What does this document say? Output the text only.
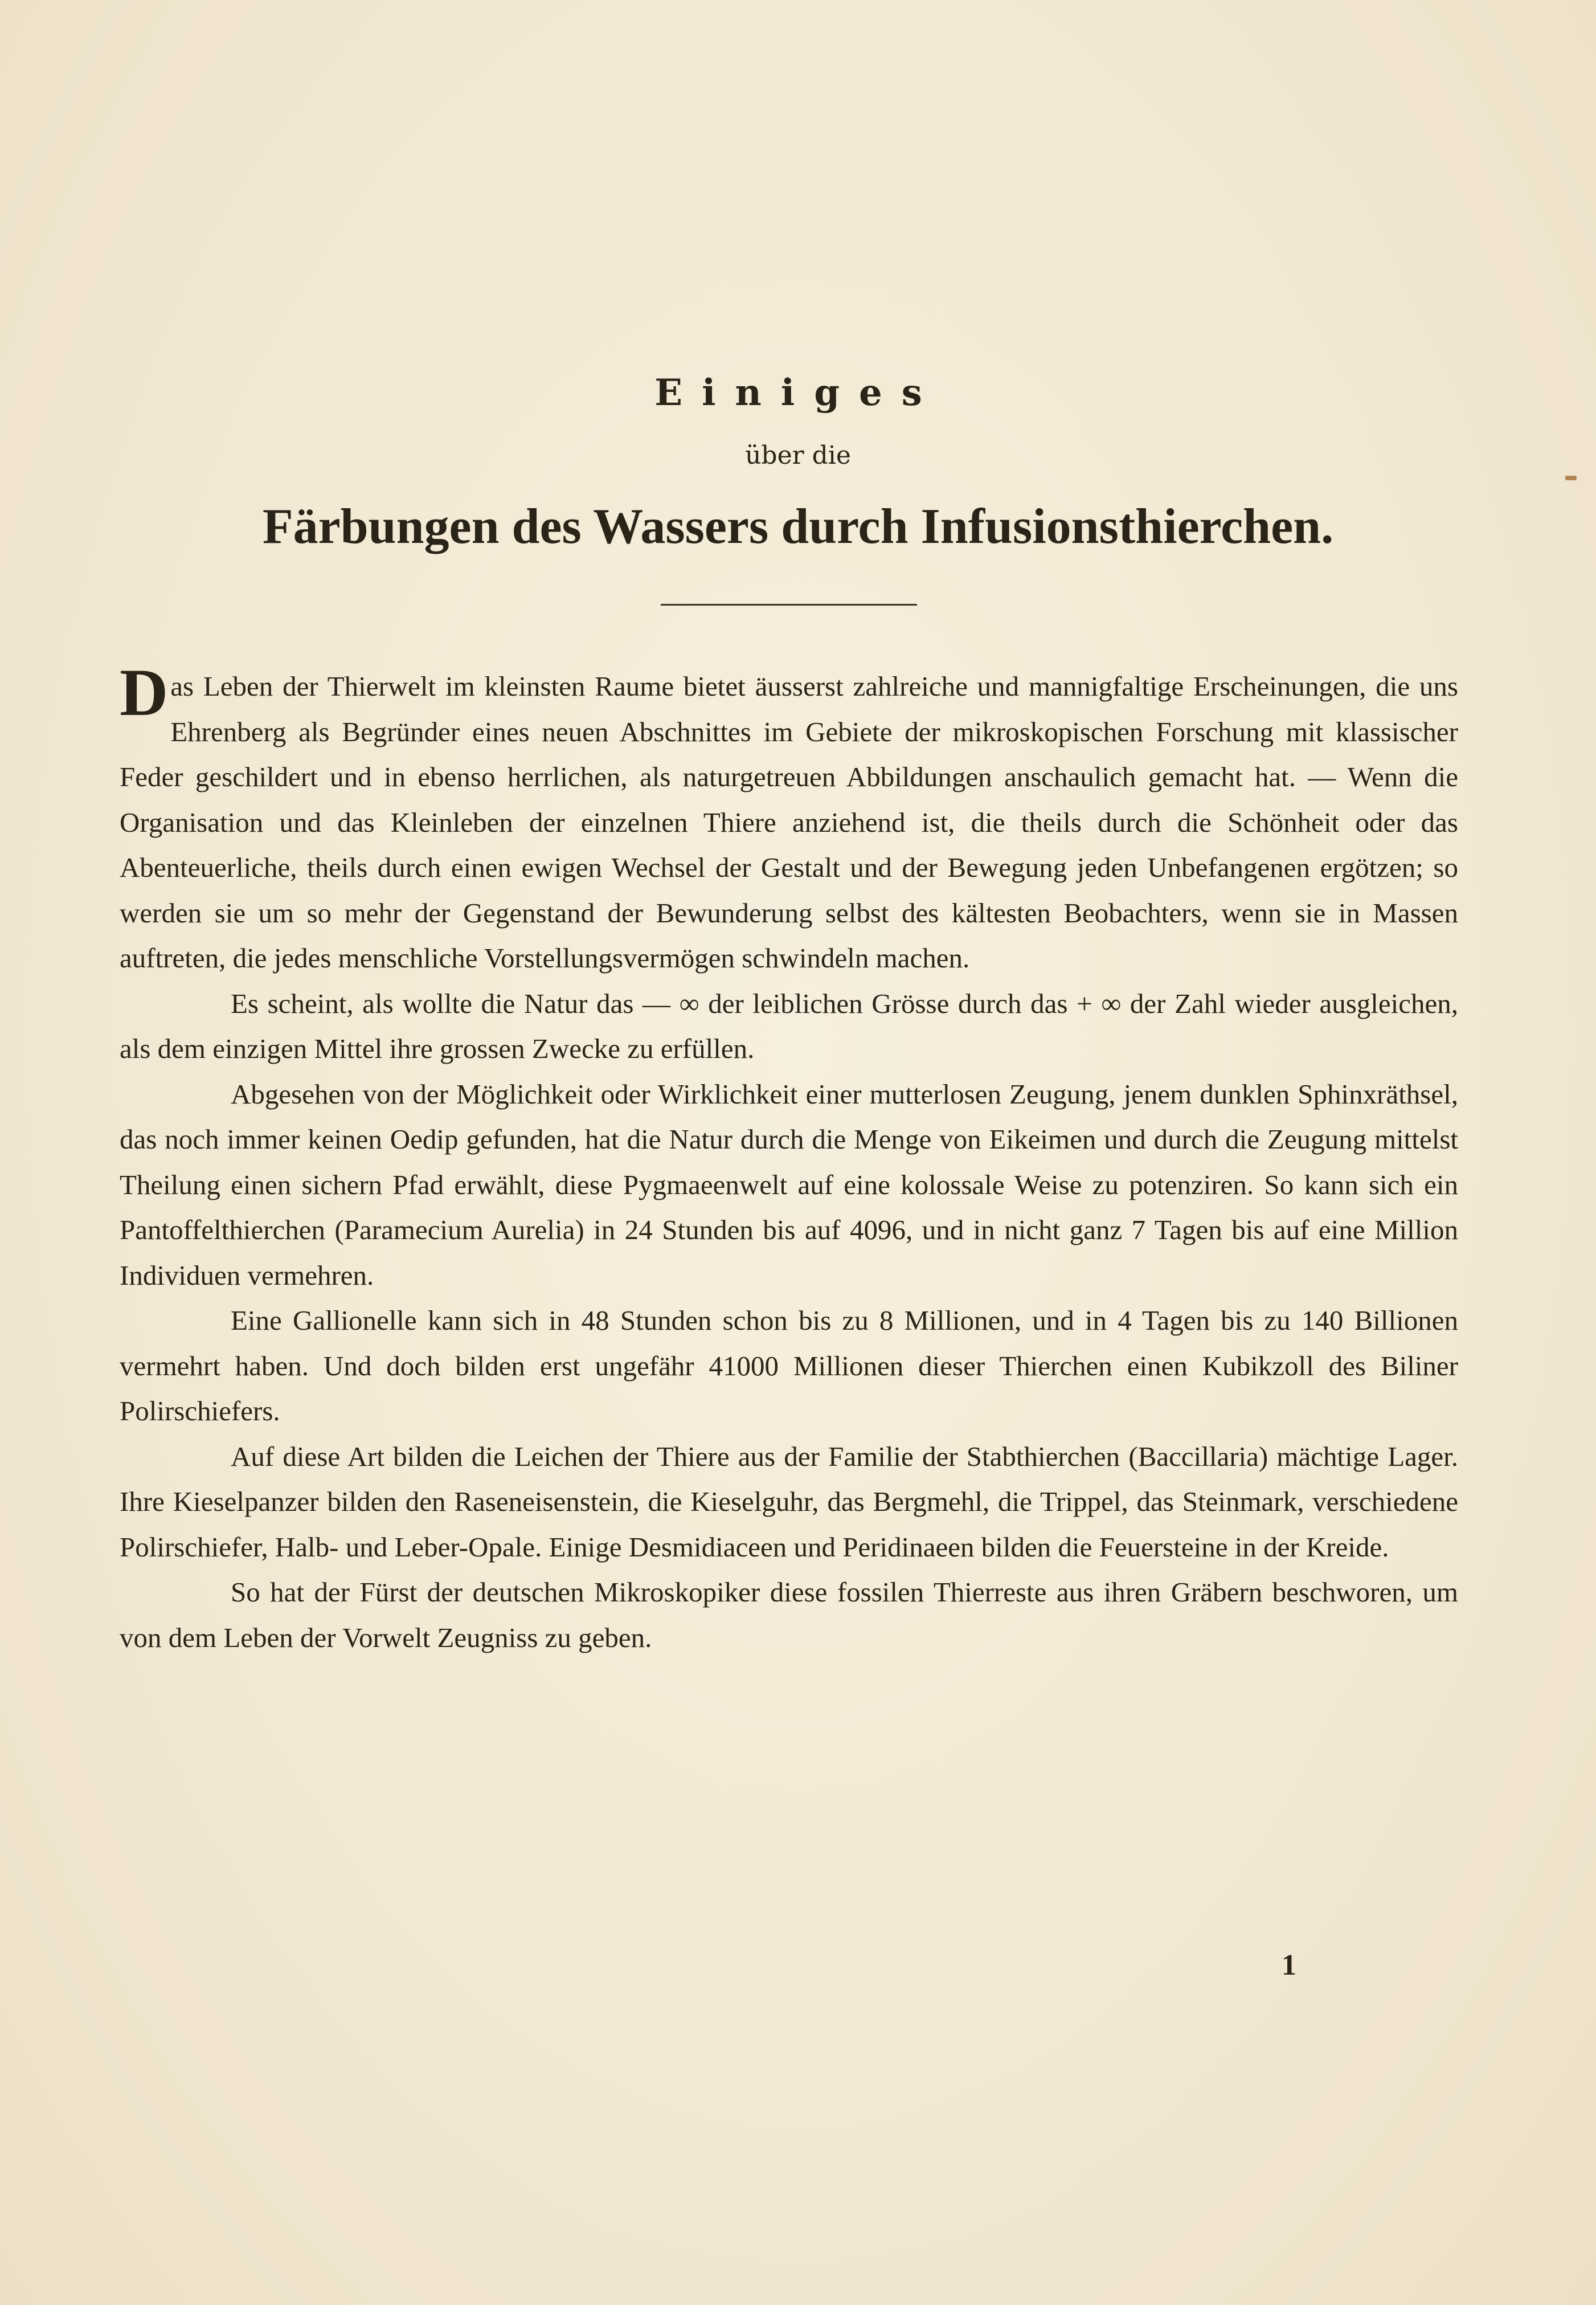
Einiges
über die
Färbungen des Wassers durch Infusionsthierchen.

Das Leben der Thierwelt im kleinsten Raume bietet äusserst zahlreiche und mannigfaltige Erscheinungen, die uns Ehrenberg als Begründer eines neuen Abschnittes im Gebiete der mikroskopischen Forschung mit klassischer Feder geschildert und in ebenso herrlichen, als naturgetreuen Abbildungen anschaulich gemacht hat. — Wenn die Organisation und das Kleinleben der einzelnen Thiere anziehend ist, die theils durch die Schönheit oder das Abenteuerliche, theils durch einen ewigen Wechsel der Gestalt und der Bewegung jeden Unbefangenen ergötzen; so werden sie um so mehr der Gegenstand der Bewunderung selbst des kältesten Beobachters, wenn sie in Massen auftreten, die jedes menschliche Vorstellungsvermögen schwindeln machen.

Es scheint, als wollte die Natur das — ∞ der leiblichen Grösse durch das + ∞ der Zahl wieder ausgleichen, als dem einzigen Mittel ihre grossen Zwecke zu erfüllen.

Abgesehen von der Möglichkeit oder Wirklichkeit einer mutterlosen Zeugung, jenem dunklen Sphinxräthsel, das noch immer keinen Oedip gefunden, hat die Natur durch die Menge von Eikeimen und durch die Zeugung mittelst Theilung einen sichern Pfad erwählt, diese Pygmaeenwelt auf eine kolossale Weise zu potenziren. So kann sich ein Pantoffelthierchen (Paramecium Aurelia) in 24 Stunden bis auf 4096, und in nicht ganz 7 Tagen bis auf eine Million Individuen vermehren.

Eine Gallionelle kann sich in 48 Stunden schon bis zu 8 Millionen, und in 4 Tagen bis zu 140 Billionen vermehrt haben. Und doch bilden erst ungefähr 41000 Millionen dieser Thierchen einen Kubikzoll des Biliner Polirschiefers.

Auf diese Art bilden die Leichen der Thiere aus der Familie der Stabthierchen (Baccillaria) mächtige Lager. Ihre Kieselpanzer bilden den Raseneisenstein, die Kieselguhr, das Bergmehl, die Trippel, das Steinmark, verschiedene Polirschiefer, Halb- und Leber-Opale. Einige Desmidiaceen und Peridinaeen bilden die Feuersteine in der Kreide.

So hat der Fürst der deutschen Mikroskopiker diese fossilen Thierreste aus ihren Gräbern beschworen, um von dem Leben der Vorwelt Zeugniss zu geben.

1
